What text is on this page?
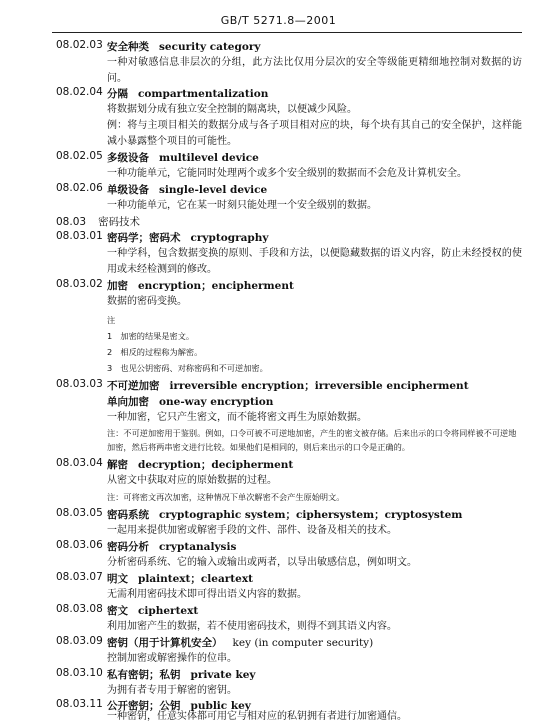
GB/T 5271.8—2001
08.02.03 安全种类 security category
一种对敏感信息非层次的分组，此方法比仅用分层次的安全等级能更精细地控制对数据的访问。
08.02.04 分隔 compartmentalization
将数据划分成有独立安全控制的隔离块，以便减少风险。
例：将与主项目相关的数据分成与各子项目相对应的块，每个块有其自己的安全保护，这样能减小暴露整个项目的可能性。
08.02.05 多级设备 multilevel device
一种功能单元，它能同时处理两个或多个安全级别的数据而不会危及计算机安全。
08.02.06 单级设备 single-level device
一种功能单元，它在某一时刻只能处理一个安全级别的数据。
08.03 密码技术
08.03.01 密码学；密码术 cryptography
一种学科，包含数据变换的原则、手段和方法，以便隐藏数据的语义内容，防止未经授权的使用或未经检测到的修改。
08.03.02 加密 encryption；encipherment
数据的密码变换。
注
1　加密的结果是密文。
2　相反的过程称为解密。
3　也见公钥密码、对称密码和不可逆加密。
08.03.03 不可逆加密 irreversible encryption；irreversible encipherment
单向加密 one-way encryption
一种加密，它只产生密文，而不能将密文再生为原始数据。
注：不可逆加密用于鉴别。例如，口令可被不可逆地加密，产生的密文被存储。后来出示的口令将同样被不可逆地加密，然后将两串密文进行比较。如果他们是相同的，则后来出示的口令是正确的。
08.03.04 解密 decryption；decipherment
从密文中获取对应的原始数据的过程。
注：可将密文再次加密，这种情况下单次解密不会产生原始明文。
08.03.05 密码系统 cryptographic system；ciphersystem；cryptosystem
一起用来提供加密或解密手段的文件、部件、设备及相关的技术。
08.03.06 密码分析 cryptanalysis
分析密码系统、它的输入或输出或两者，以导出敏感信息，例如明文。
08.03.07 明文 plaintext；cleartext
无需利用密码技术即可得出语义内容的数据。
08.03.08 密文 ciphertext
利用加密产生的数据，若不使用密码技术，则得不到其语义内容。
08.03.09 密钥（用于计算机安全） key (in computer security)
控制加密或解密操作的位串。
08.03.10 私有密钥；私钥 private key
为拥有者专用于解密的密钥。
08.03.11 公开密钥；公钥 public key
一种密钥，任意实体都可用它与相对应的私钥拥有者进行加密通信。
